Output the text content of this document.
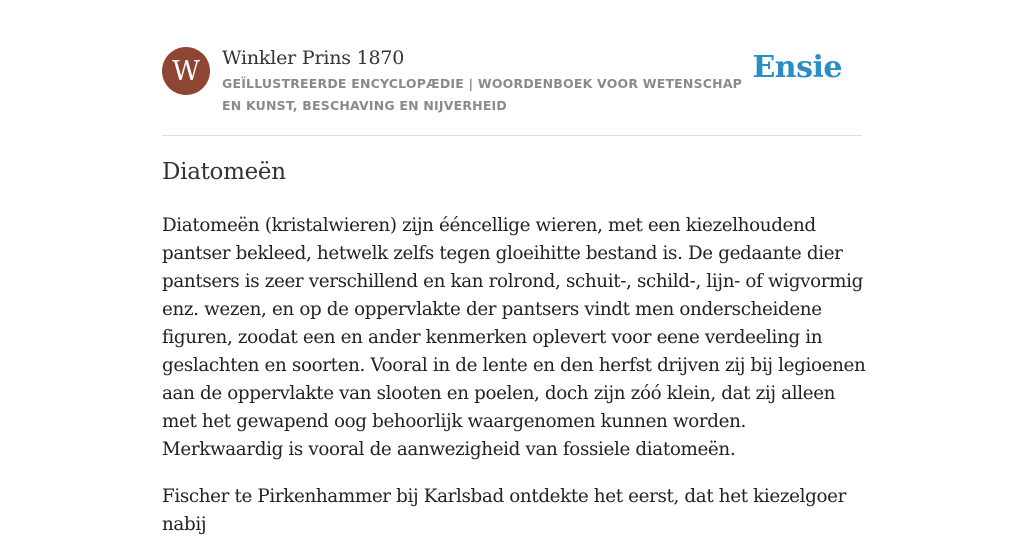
W	Winkler Prins 1870
GEÏLLUSTREERDE ENCYCLOPÆDIE | WOORDENBOEK VOOR WETENSCHAP EN KUNST, BESCHAVING EN NIJVERHEID
Ensie
Diatomeën

Diatomeën (kristalwieren) zijn ééncellige wieren, met een kiezelhoudend pantser bekleed, hetwelk zelfs tegen gloeihitte bestand is. De gedaante dier pantsers is zeer verschillend en kan rolrond, schuit-, schild-, lijn- of wigvormig enz. wezen, en op de oppervlakte der pantsers vindt men onderscheidene figuren, zoodat een en ander kenmerken oplevert voor eene verdeeling in geslachten en soorten. Vooral in de lente en den herfst drijven zij bij legioenen aan de oppervlakte van slooten en poelen, doch zijn zóó klein, dat zij alleen met het gewapend oog behoorlijk waargenomen kunnen worden. Merkwaardig is vooral de aanwezigheid van fossiele diatomeën.

Fischer te Pirkenhammer bij Karlsbad ontdekte het eerst, dat het kiezelgoer nabij
